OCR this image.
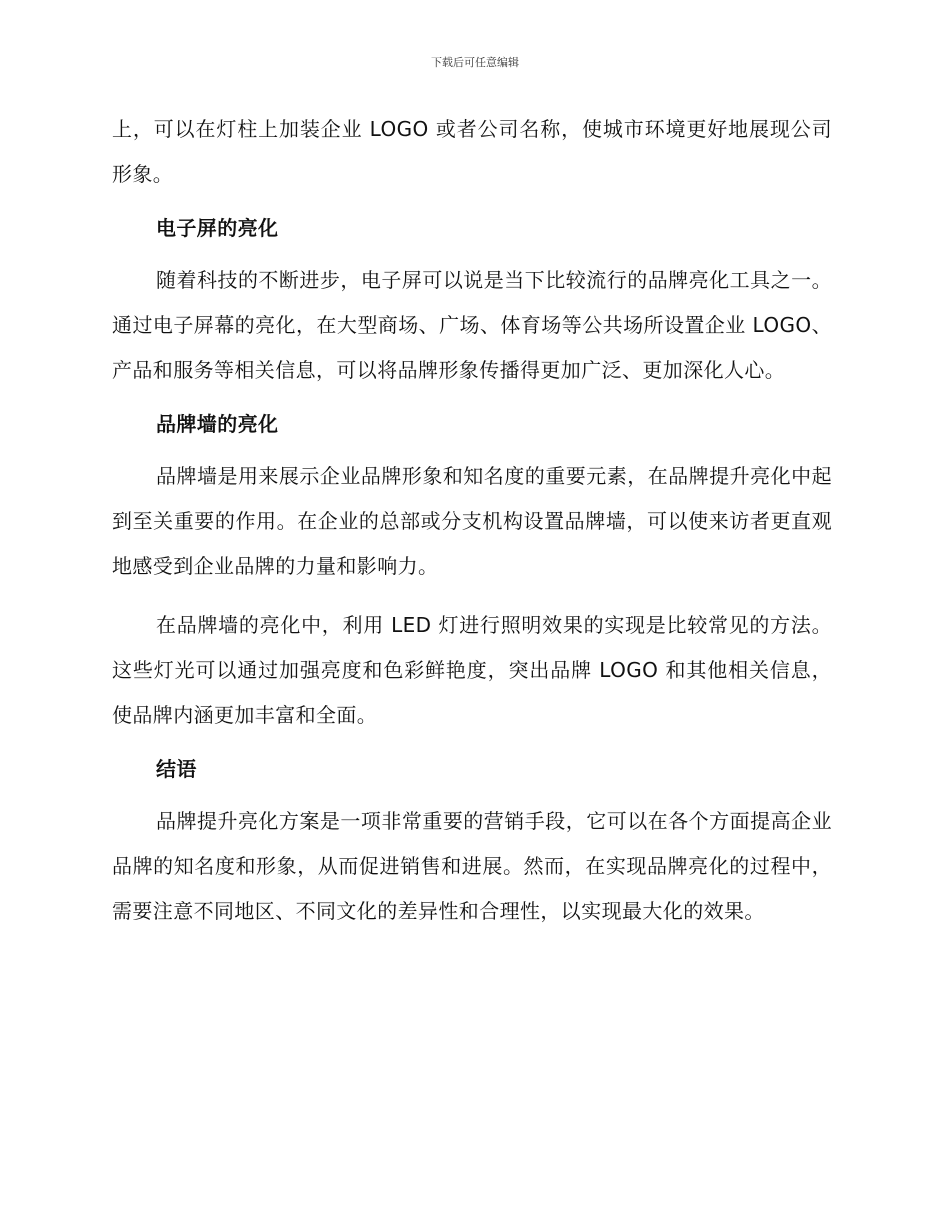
下载后可任意编辑

上，可以在灯柱上加装企业 LOGO 或者公司名称，使城市环境更好地展现公司形象。

电子屏的亮化

随着科技的不断进步，电子屏可以说是当下比较流行的品牌亮化工具之一。通过电子屏幕的亮化，在大型商场、广场、体育场等公共场所设置企业 LOGO、产品和服务等相关信息，可以将品牌形象传播得更加广泛、更加深化人心。

品牌墙的亮化

品牌墙是用来展示企业品牌形象和知名度的重要元素，在品牌提升亮化中起到至关重要的作用。在企业的总部或分支机构设置品牌墙，可以使来访者更直观地感受到企业品牌的力量和影响力。

在品牌墙的亮化中，利用 LED 灯进行照明效果的实现是比较常见的方法。这些灯光可以通过加强亮度和色彩鲜艳度，突出品牌 LOGO 和其他相关信息，使品牌内涵更加丰富和全面。

结语

品牌提升亮化方案是一项非常重要的营销手段，它可以在各个方面提高企业品牌的知名度和形象，从而促进销售和进展。然而，在实现品牌亮化的过程中，需要注意不同地区、不同文化的差异性和合理性，以实现最大化的效果。
